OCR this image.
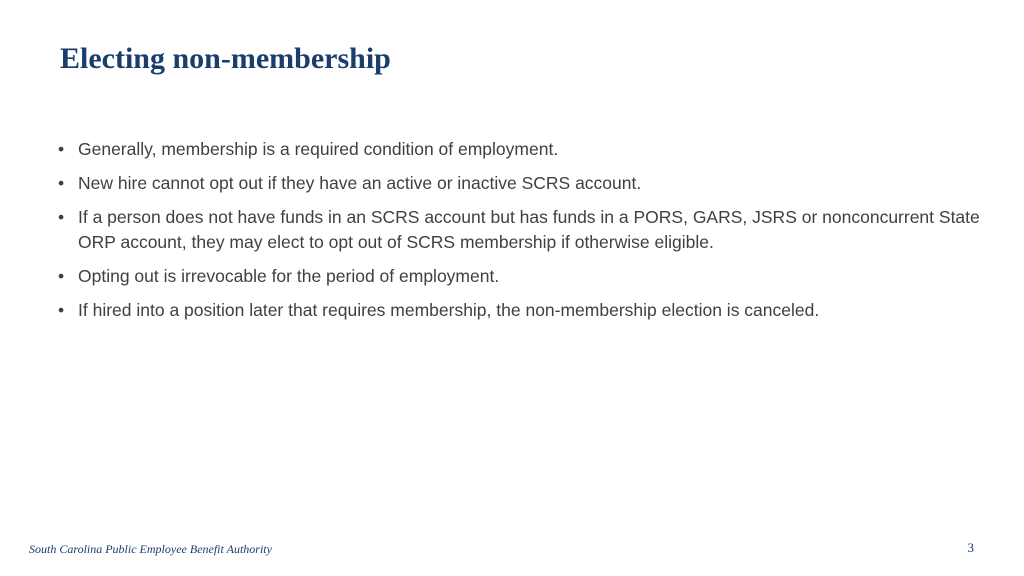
Electing non-membership
• Generally, membership is a required condition of employment.
• New hire cannot opt out if they have an active or inactive SCRS account.
• If a person does not have funds in an SCRS account but has funds in a PORS, GARS, JSRS or nonconcurrent State ORP account, they may elect to opt out of SCRS membership if otherwise eligible.
• Opting out is irrevocable for the period of employment.
• If hired into a position later that requires membership, the non-membership election is canceled.
South Carolina Public Employee Benefit Authority	3
